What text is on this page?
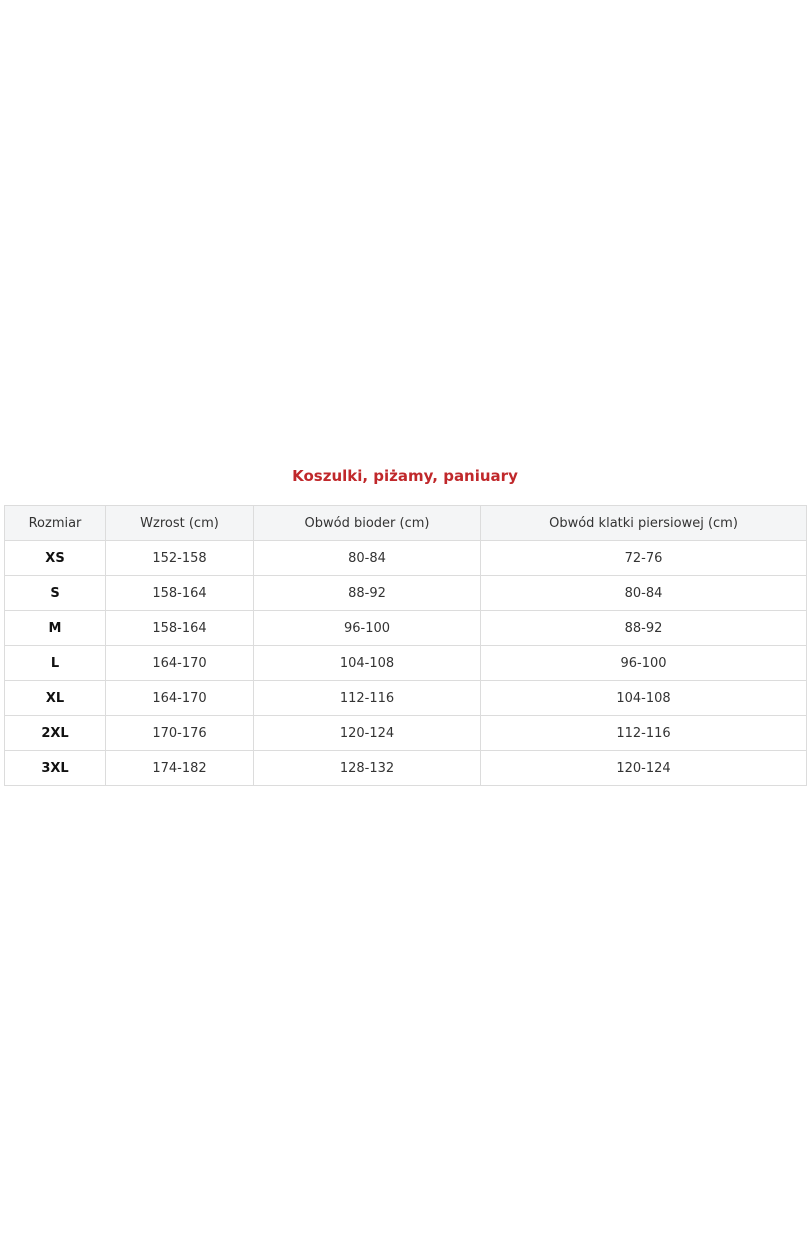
Koszulki, piżamy, paniuary
Rozmiar	Wzrost (cm)	Obwód bioder (cm)	Obwód klatki piersiowej (cm)
XS	152-158	80-84	72-76
S	158-164	88-92	80-84
M	158-164	96-100	88-92
L	164-170	104-108	96-100
XL	164-170	112-116	104-108
2XL	170-176	120-124	112-116
3XL	174-182	128-132	120-124
